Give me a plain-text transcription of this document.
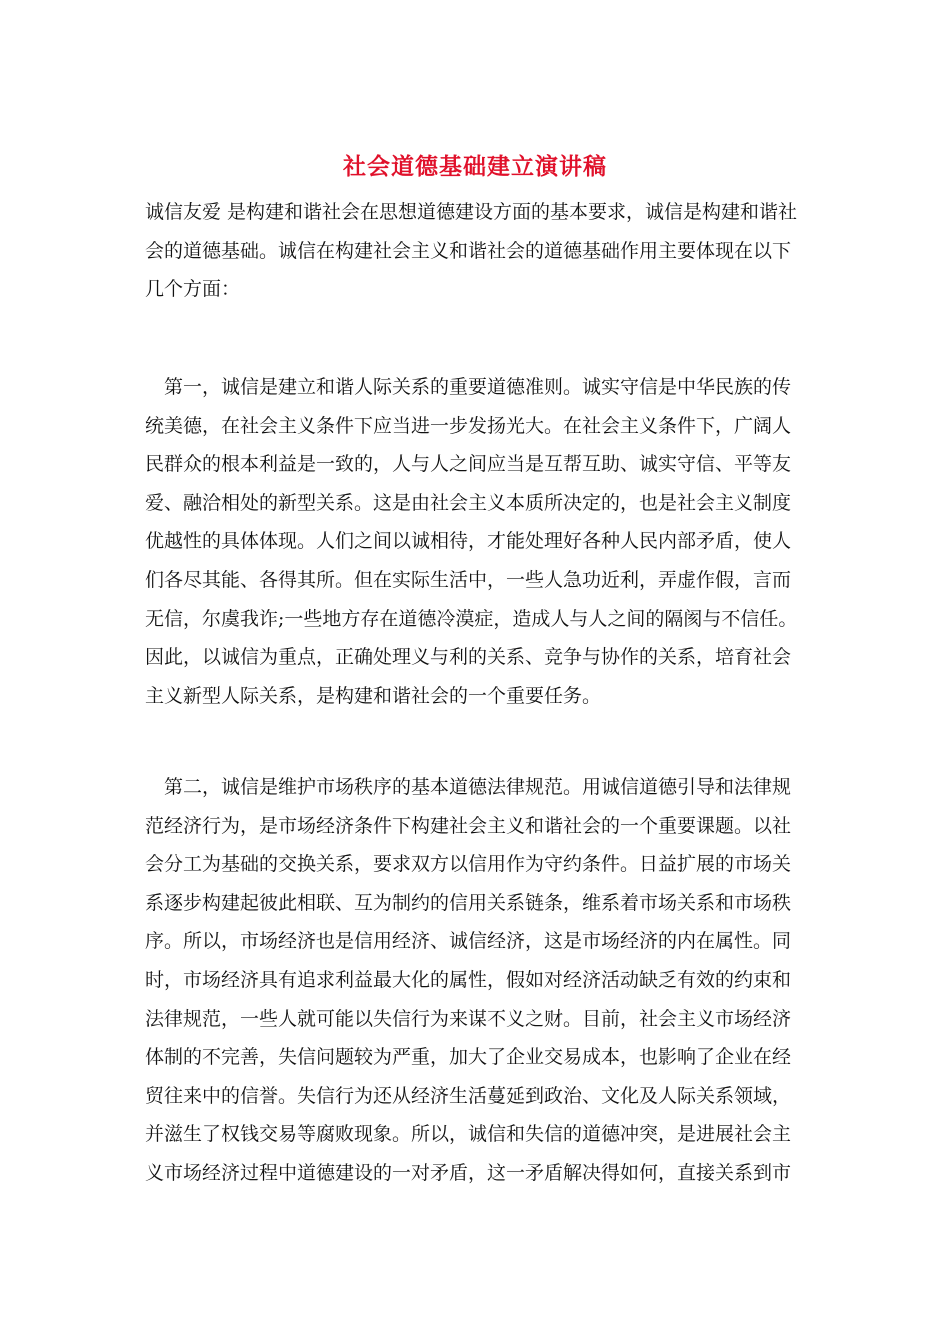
社会道德基础建立演讲稿

诚信友爱 是构建和谐社会在思想道德建设方面的基本要求，诚信是构建和谐社
会的道德基础。诚信在构建社会主义和谐社会的道德基础作用主要体现在以下
几个方面：

　第一，诚信是建立和谐人际关系的重要道德准则。诚实守信是中华民族的传
统美德，在社会主义条件下应当进一步发扬光大。在社会主义条件下，广阔人
民群众的根本利益是一致的，人与人之间应当是互帮互助、诚实守信、平等友
爱、融洽相处的新型关系。这是由社会主义本质所决定的，也是社会主义制度
优越性的具体体现。人们之间以诚相待，才能处理好各种人民内部矛盾，使人
们各尽其能、各得其所。但在实际生活中，一些人急功近利，弄虚作假，言而
无信，尔虞我诈;一些地方存在道德冷漠症，造成人与人之间的隔阂与不信任。
因此，以诚信为重点，正确处理义与利的关系、竞争与协作的关系，培育社会
主义新型人际关系，是构建和谐社会的一个重要任务。

　第二，诚信是维护市场秩序的基本道德法律规范。用诚信道德引导和法律规
范经济行为，是市场经济条件下构建社会主义和谐社会的一个重要课题。以社
会分工为基础的交换关系，要求双方以信用作为守约条件。日益扩展的市场关
系逐步构建起彼此相联、互为制约的信用关系链条，维系着市场关系和市场秩
序。所以，市场经济也是信用经济、诚信经济，这是市场经济的内在属性。同
时，市场经济具有追求利益最大化的属性，假如对经济活动缺乏有效的约束和
法律规范，一些人就可能以失信行为来谋不义之财。目前，社会主义市场经济
体制的不完善，失信问题较为严重，加大了企业交易成本，也影响了企业在经
贸往来中的信誉。失信行为还从经济生活蔓延到政治、文化及人际关系领域，
并滋生了权钱交易等腐败现象。所以，诚信和失信的道德冲突，是进展社会主
义市场经济过程中道德建设的一对矛盾，这一矛盾解决得如何，直接关系到市
